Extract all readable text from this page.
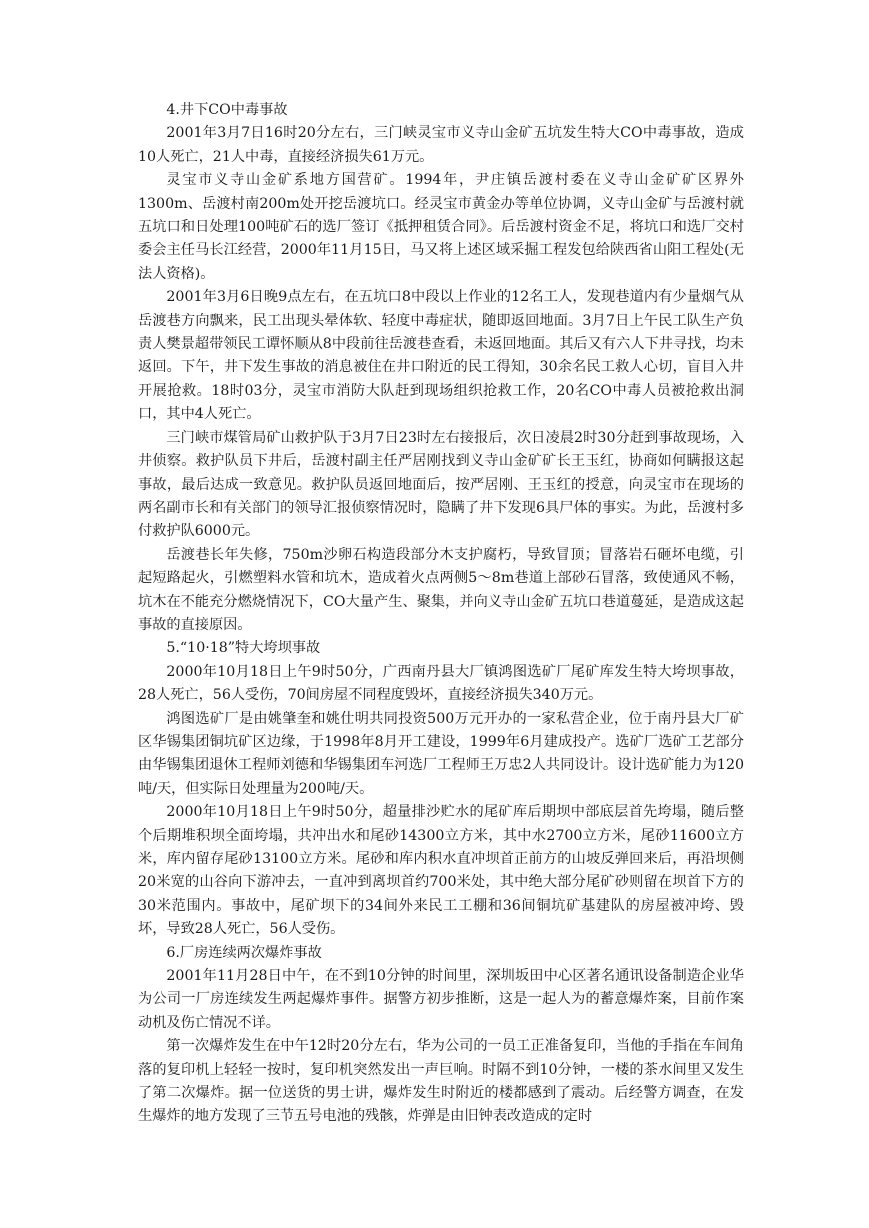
4.井下CO中毒事故

2001年3月7日16时20分左右，三门峡灵宝市义寺山金矿五坑发生特大CO中毒事故，造成10人死亡，21人中毒，直接经济损失61万元。

灵宝市义寺山金矿系地方国营矿。1994年，尹庄镇岳渡村委在义寺山金矿矿区界外1300m、岳渡村南200m处开挖岳渡坑口。经灵宝市黄金办等单位协调，义寺山金矿与岳渡村就五坑口和日处理100吨矿石的选厂签订《抵押租赁合同》。后岳渡村资金不足，将坑口和选厂交村委会主任马长江经营，2000年11月15日，马又将上述区域采掘工程发包给陕西省山阳工程处(无法人资格)。

2001年3月6日晚9点左右，在五坑口8中段以上作业的12名工人，发现巷道内有少量烟气从岳渡巷方向飘来，民工出现头晕体软、轻度中毒症状，随即返回地面。3月7日上午民工队生产负责人樊景超带领民工谭怀顺从8中段前往岳渡巷查看，未返回地面。其后又有六人下井寻找，均未返回。下午，井下发生事故的消息被住在井口附近的民工得知，30余名民工救人心切，盲目入井开展抢救。18时03分，灵宝市消防大队赶到现场组织抢救工作，20名CO中毒人员被抢救出洞口，其中4人死亡。

三门峡市煤管局矿山救护队于3月7日23时左右接报后，次日凌晨2时30分赶到事故现场，入井侦察。救护队员下井后，岳渡村副主任严居刚找到义寺山金矿矿长王玉红，协商如何瞒报这起事故，最后达成一致意见。救护队员返回地面后，按严居刚、王玉红的授意，向灵宝市在现场的两名副市长和有关部门的领导汇报侦察情况时，隐瞒了井下发现6具尸体的事实。为此，岳渡村多付救护队6000元。

岳渡巷长年失修，750m沙卵石构造段部分木支护腐朽，导致冒顶；冒落岩石砸坏电缆，引起短路起火，引燃塑料水管和坑木，造成着火点两侧5～8m巷道上部砂石冒落，致使通风不畅，坑木在不能充分燃烧情况下，CO大量产生、聚集，并向义寺山金矿五坑口巷道蔓延，是造成这起事故的直接原因。

5.“10·18”特大垮坝事故

2000年10月18日上午9时50分，广西南丹县大厂镇鸿图选矿厂尾矿库发生特大垮坝事故，28人死亡，56人受伤，70间房屋不同程度毁坏，直接经济损失340万元。

鸿图选矿厂是由姚肇奎和姚仕明共同投资500万元开办的一家私营企业，位于南丹县大厂矿区华锡集团铜坑矿区边缘，于1998年8月开工建设，1999年6月建成投产。选矿厂选矿工艺部分由华锡集团退休工程师刘德和华锡集团车河选厂工程师王万忠2人共同设计。设计选矿能力为120吨/天，但实际日处理量为200吨/天。

2000年10月18日上午9时50分，超量排沙贮水的尾矿库后期坝中部底层首先垮塌，随后整个后期堆积坝全面垮塌，共冲出水和尾砂14300立方米，其中水2700立方米，尾砂11600立方米，库内留存尾砂13100立方米。尾砂和库内积水直冲坝首正前方的山坡反弹回来后，再沿坝侧20米宽的山谷向下游冲去，一直冲到离坝首约700米处，其中绝大部分尾矿砂则留在坝首下方的30米范围内。事故中，尾矿坝下的34间外来民工工棚和36间铜坑矿基建队的房屋被冲垮、毁坏，导致28人死亡，56人受伤。

6.厂房连续两次爆炸事故

2001年11月28日中午，在不到10分钟的时间里，深圳坂田中心区著名通讯设备制造企业华为公司一厂房连续发生两起爆炸事件。据警方初步推断，这是一起人为的蓄意爆炸案，目前作案动机及伤亡情况不详。

第一次爆炸发生在中午12时20分左右，华为公司的一员工正准备复印，当他的手指在车间角落的复印机上轻轻一按时，复印机突然发出一声巨响。时隔不到10分钟，一楼的茶水间里又发生了第二次爆炸。据一位送货的男士讲，爆炸发生时附近的楼都感到了震动。后经警方调查，在发生爆炸的地方发现了三节五号电池的残骸，炸弹是由旧钟表改造成的定时
